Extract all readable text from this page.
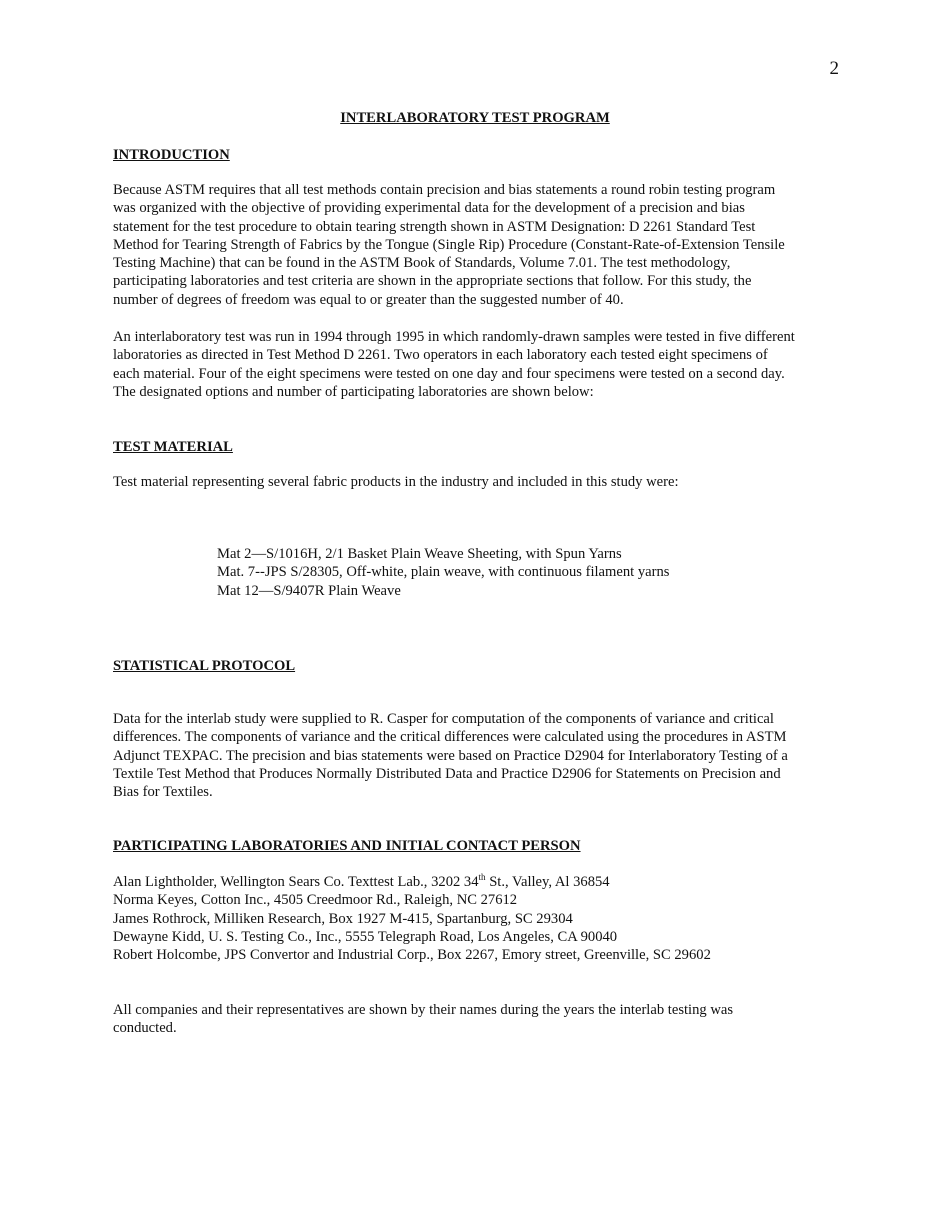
2
INTERLABORATORY TEST PROGRAM
INTRODUCTION

Because ASTM requires that all test methods contain precision and bias statements a round robin testing program
was organized with the objective of providing experimental data for the development of a precision and bias
statement for the test procedure to obtain tearing strength shown in ASTM Designation: D 2261 Standard Test
Method for Tearing Strength of Fabrics by the Tongue (Single Rip) Procedure (Constant-Rate-of-Extension Tensile
Testing Machine) that can be found in the ASTM Book of Standards, Volume 7.01. The test methodology,
participating laboratories and test criteria are shown in the appropriate sections that follow. For this study, the
number of degrees of freedom was equal to or greater than the suggested number of 40.

An interlaboratory test was run in 1994 through 1995 in which randomly-drawn samples were tested in five different
laboratories as directed in Test Method D 2261. Two operators in each laboratory each tested eight specimens of
each material. Four of the eight specimens were tested on one day and four specimens were tested on a second day.
The designated options and number of participating laboratories are shown below:

TEST MATERIAL

Test material representing several fabric products in the industry and included in this study were:

Mat 2—S/1016H, 2/1 Basket Plain Weave Sheeting, with Spun Yarns
Mat. 7--JPS S/28305, Off-white, plain weave, with continuous filament yarns
Mat 12—S/9407R Plain Weave
STATISTICAL PROTOCOL

Data for the interlab study were supplied to R. Casper for computation of the components of variance and critical
differences. The components of variance and the critical differences were calculated using the procedures in ASTM
Adjunct TEXPAC. The precision and bias statements were based on Practice D2904 for Interlaboratory Testing of a
Textile Test Method that Produces Normally Distributed Data and Practice D2906 for Statements on Precision and
Bias for Textiles.

PARTICIPATING LABORATORIES AND INITIAL CONTACT PERSON
Alan Lightholder, Wellington Sears Co. Texttest Lab., 3202 34th St., Valley, Al 36854
Norma Keyes, Cotton Inc., 4505 Creedmoor Rd., Raleigh, NC 27612
James Rothrock, Milliken Research, Box 1927 M-415, Spartanburg, SC 29304
Dewayne Kidd, U. S. Testing Co., Inc., 5555 Telegraph Road, Los Angeles, CA 90040
Robert Holcombe, JPS Convertor and Industrial Corp., Box 2267, Emory street, Greenville, SC 29602

All companies and their representatives are shown by their names during the years the interlab testing was
conducted.
